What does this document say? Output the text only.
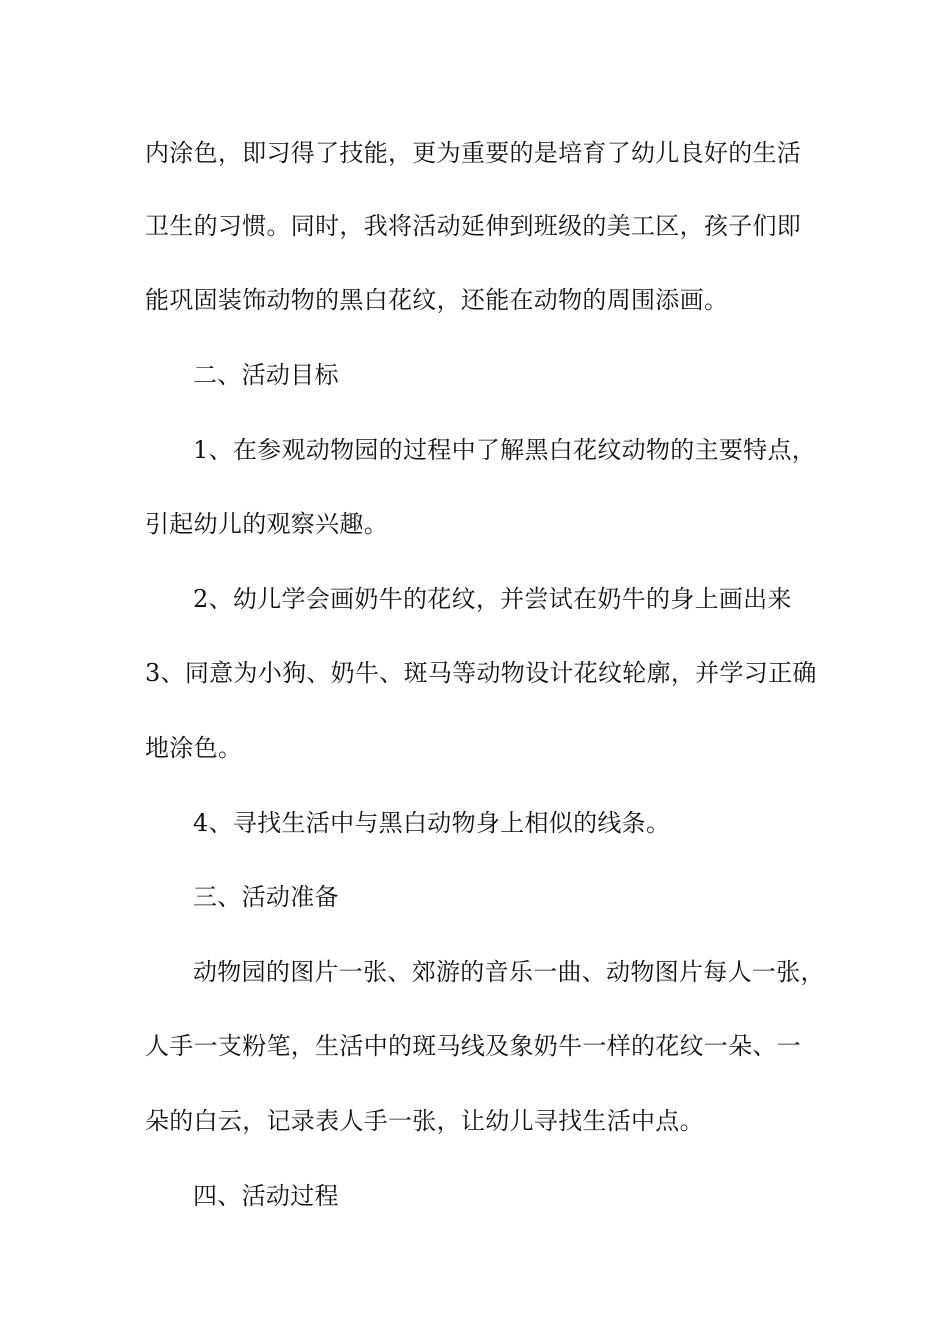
内涂色，即习得了技能，更为重要的是培育了幼儿良好的生活
卫生的习惯。同时，我将活动延伸到班级的美工区，孩子们即
能巩固装饰动物的黑白花纹，还能在动物的周围添画。
二、活动目标
1、在参观动物园的过程中了解黑白花纹动物的主要特点，
引起幼儿的观察兴趣。
2、幼儿学会画奶牛的花纹，并尝试在奶牛的身上画出来
3、同意为小狗、奶牛、斑马等动物设计花纹轮廓，并学习正确
地涂色。
4、寻找生活中与黑白动物身上相似的线条。
三、活动准备
动物园的图片一张、郊游的音乐一曲、动物图片每人一张，
人手一支粉笔，生活中的斑马线及象奶牛一样的花纹一朵、一
朵的白云，记录表人手一张，让幼儿寻找生活中点。
四、活动过程
